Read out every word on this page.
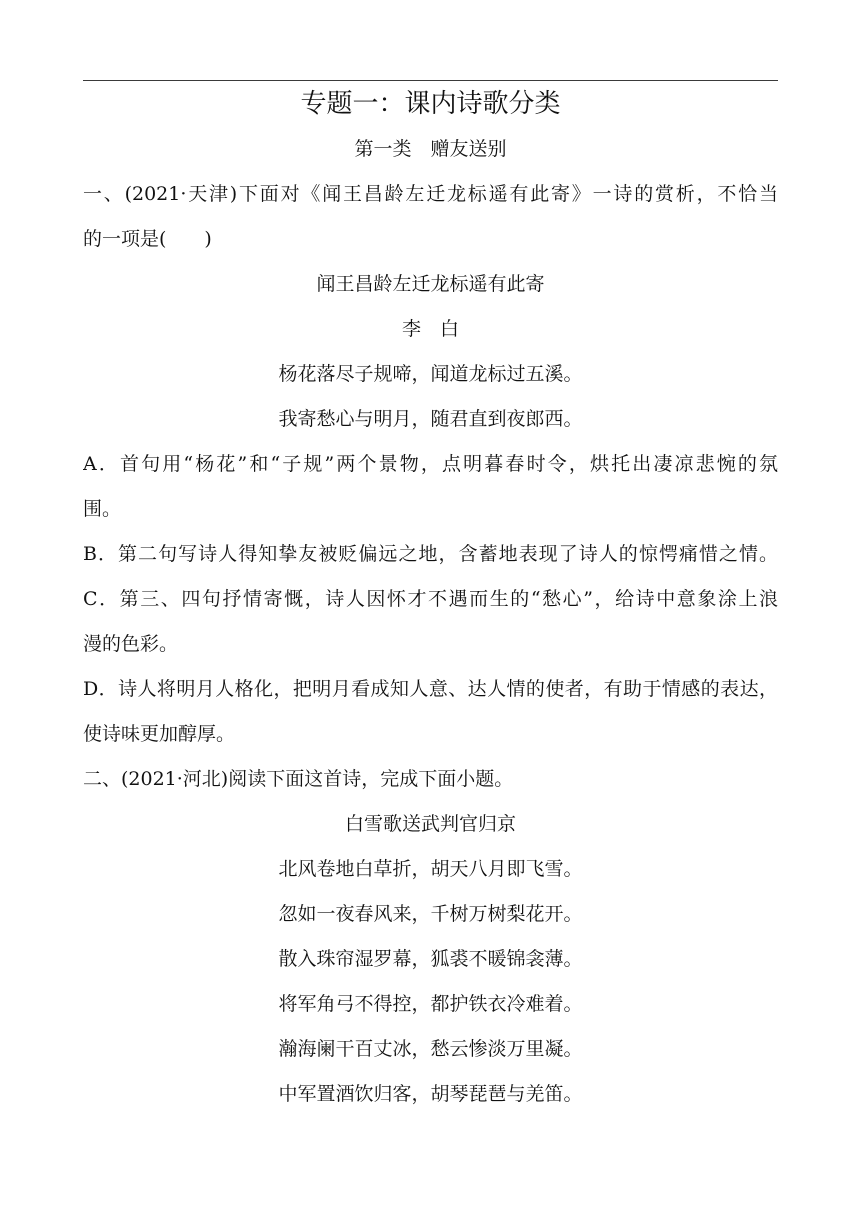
专题一：课内诗歌分类
第一类　赠友送别
一、(2021·天津)下面对《闻王昌龄左迁龙标遥有此寄》一诗的赏析，不恰当
的一项是(　　)
闻王昌龄左迁龙标遥有此寄
李　白
杨花落尽子规啼，闻道龙标过五溪。
我寄愁心与明月，随君直到夜郎西。
A．首句用“杨花”和“子规”两个景物，点明暮春时令，烘托出凄凉悲惋的氛
围。
B．第二句写诗人得知挚友被贬偏远之地，含蓄地表现了诗人的惊愕痛惜之情。
C．第三、四句抒情寄慨，诗人因怀才不遇而生的“愁心”，给诗中意象涂上浪
漫的色彩。
D．诗人将明月人格化，把明月看成知人意、达人情的使者，有助于情感的表达，
使诗味更加醇厚。
二、(2021·河北)阅读下面这首诗，完成下面小题。
白雪歌送武判官归京
北风卷地白草折，胡天八月即飞雪。
忽如一夜春风来，千树万树梨花开。
散入珠帘湿罗幕，狐裘不暖锦衾薄。
将军角弓不得控，都护铁衣冷难着。
瀚海阑干百丈冰，愁云惨淡万里凝。
中军置酒饮归客，胡琴琵琶与羌笛。
